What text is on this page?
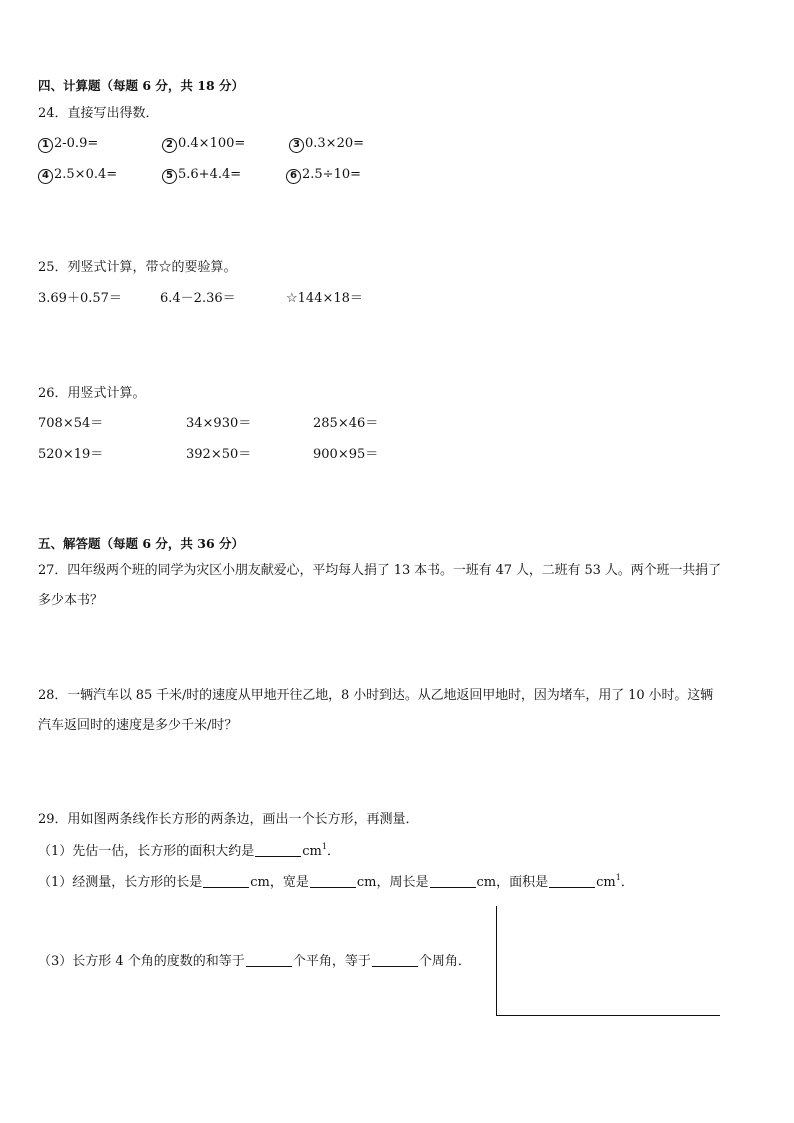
四、计算题（每题 6 分，共 18 分）
24．直接写出得数．
1 2-0.9=	2 0.4×100=	3 0.3×20=
4 2.5×0.4=	5 5.6+4.4=	6 2.5÷10=
25．列竖式计算，带☆的要验算。
3.69＋0.57＝	6.4－2.36＝	☆144×18＝
26．用竖式计算。
708×54＝	34×930＝	285×46＝
520×19＝	392×50＝	900×95＝
五、解答题（每题 6 分，共 36 分）
27．四年级两个班的同学为灾区小朋友献爱心，平均每人捐了 13 本书。一班有 47 人，二班有 53 人。两个班一共捐了
多少本书？
28．一辆汽车以 85 千米/时的速度从甲地开往乙地，8 小时到达。从乙地返回甲地时，因为堵车，用了 10 小时。这辆
汽车返回时的速度是多少千米/时？
29．用如图两条线作长方形的两条边，画出一个长方形，再测量．
（1）先估一估，长方形的面积大约是	$cm^1$．
（1）经测量，长方形的长是	cm，宽是	cm，周长是	cm，面积是	$cm^1$．
（3）长方形 4 个角的度数的和等于	个平角，等于	个周角．
